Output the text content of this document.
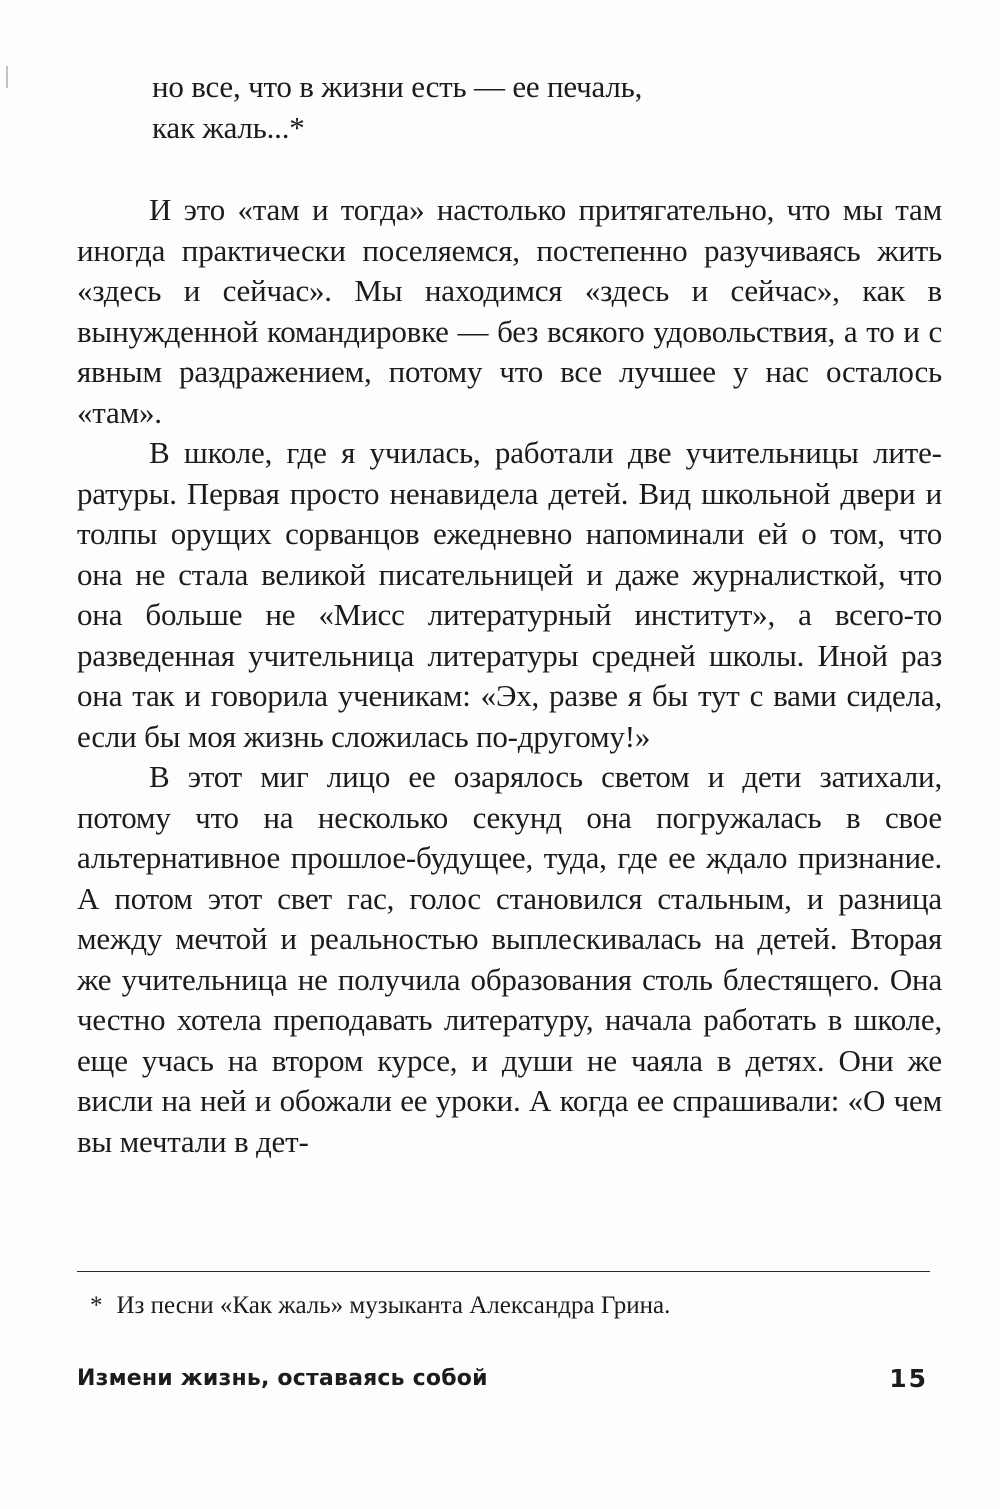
но все, что в жизни есть — ее печаль,
как жаль...*

И это «там и тогда» настолько притягательно, что мы там иногда практически поселяемся, постепенно разучиваясь жить «здесь и сейчас». Мы находимся «здесь и сейчас», как в вынужденной командировке — без всякого удовольствия, а то и с явным раздражением, потому что все лучшее у нас осталось «там».

В школе, где я училась, работали две учительницы литературы. Первая просто ненавидела детей. Вид школьной двери и толпы орущих сорванцов ежедневно напоминали ей о том, что она не стала великой писательницей и даже журналисткой, что она больше не «Мисс литературный институт», а всего-то разведенная учительница литературы средней школы. Иной раз она так и говорила ученикам: «Эх, разве я бы тут с вами сидела, если бы моя жизнь сложилась по-другому!»

В этот миг лицо ее озарялось светом и дети затихали, потому что на несколько секунд она погружалась в свое альтернативное прошлое-будущее, туда, где ее ждало признание. А потом этот свет гас, голос становился стальным, и разница между мечтой и реальностью выплескивалась на детей. Вторая же учительница не получила образования столь блестящего. Она честно хотела преподавать литературу, начала работать в школе, еще учась на втором курсе, и души не чаяла в детях. Они же висли на ней и обожали ее уроки. А когда ее спрашивали: «О чем вы мечтали в дет-

* Из песни «Как жаль» музыканта Александра Грина.
Измени жизнь, оставаясь собой	15
